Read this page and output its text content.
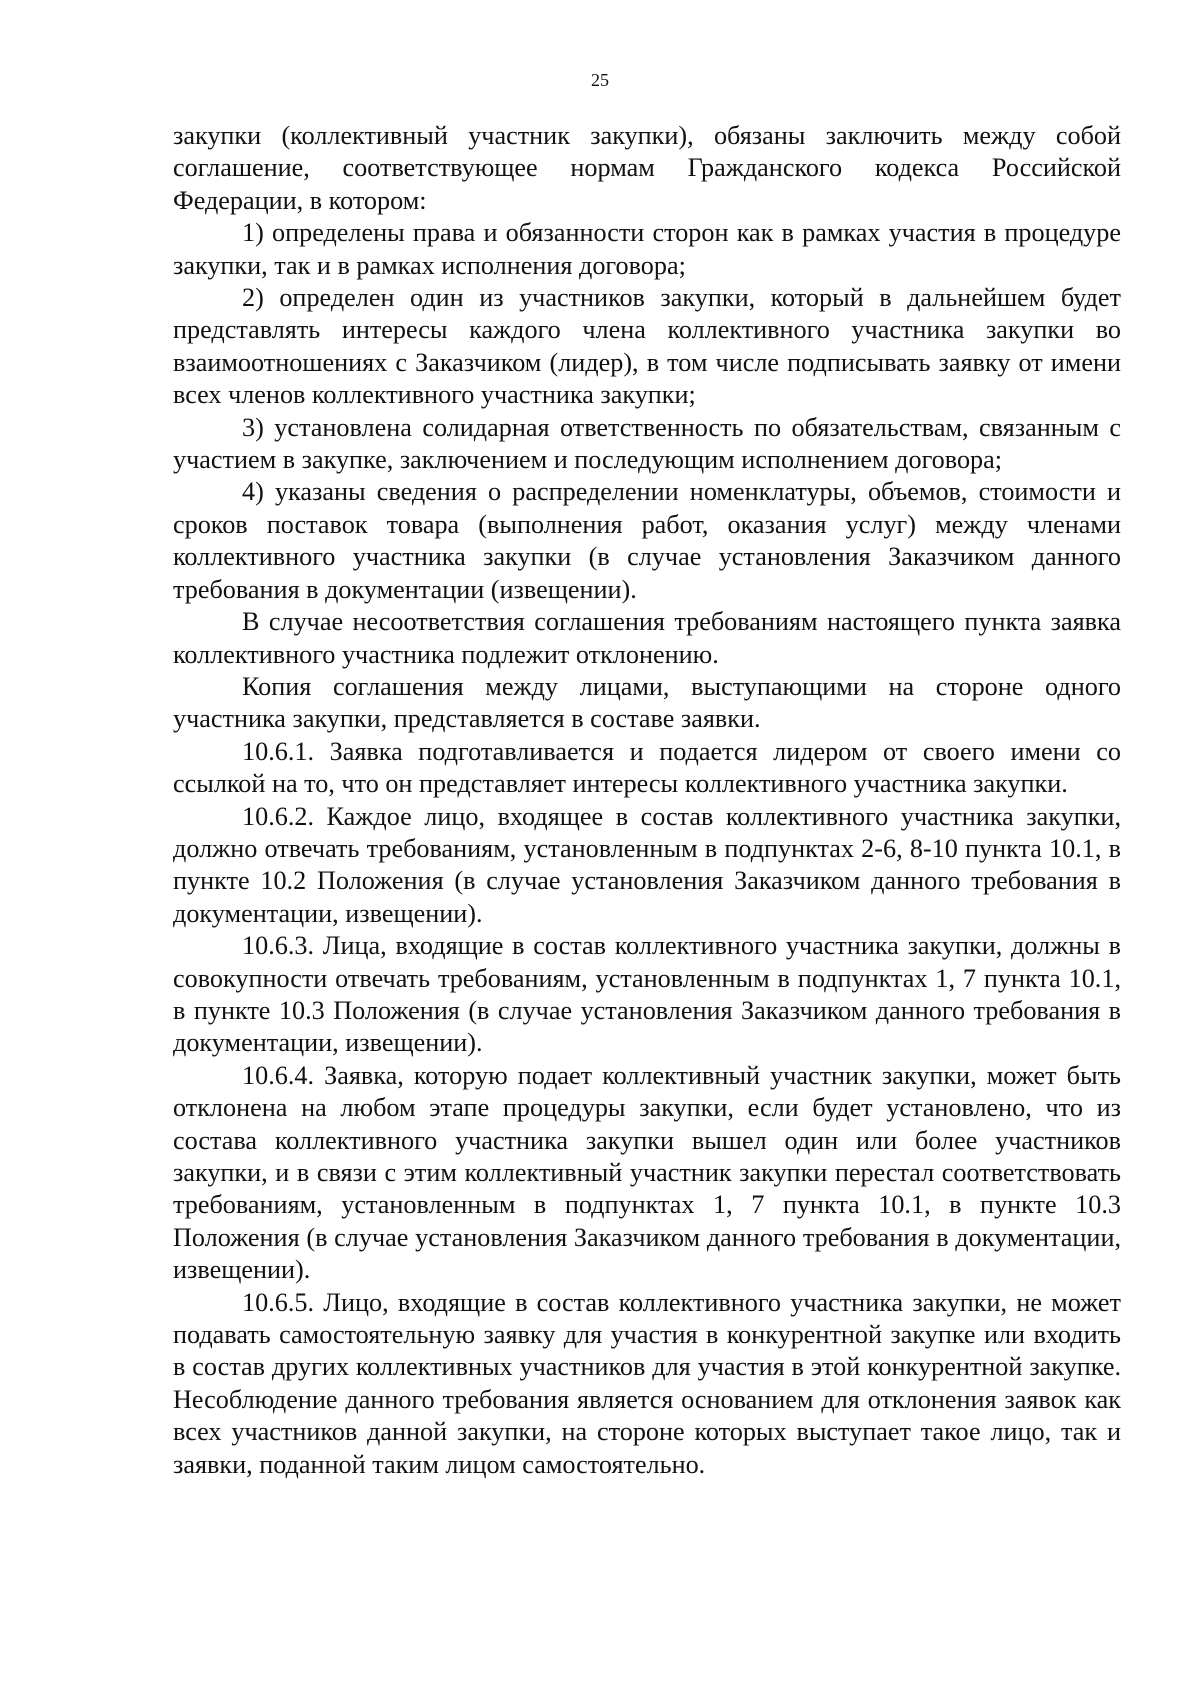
25

закупки (коллективный участник закупки), обязаны заключить между собой соглашение, соответствующее нормам Гражданского кодекса Российской Федерации, в котором:

1) определены права и обязанности сторон как в рамках участия в процедуре закупки, так и в рамках исполнения договора;

2) определен один из участников закупки, который в дальнейшем будет представлять интересы каждого члена коллективного участника закупки во взаимоотношениях с Заказчиком (лидер), в том числе подписывать заявку от имени всех членов коллективного участника закупки;

3) установлена солидарная ответственность по обязательствам, связанным с участием в закупке, заключением и последующим исполнением договора;

4) указаны сведения о распределении номенклатуры, объемов, стоимости и сроков поставок товара (выполнения работ, оказания услуг) между членами коллективного участника закупки (в случае установления Заказчиком данного требования в документации (извещении).

В случае несоответствия соглашения требованиям настоящего пункта заявка коллективного участника подлежит отклонению.

Копия соглашения между лицами, выступающими на стороне одного участника закупки, представляется в составе заявки.

10.6.1. Заявка подготавливается и подается лидером от своего имени со ссылкой на то, что он представляет интересы коллективного участника закупки.

10.6.2. Каждое лицо, входящее в состав коллективного участника закупки, должно отвечать требованиям, установленным в подпунктах 2-6, 8-10 пункта 10.1, в пункте 10.2 Положения (в случае установления Заказчиком данного требования в документации, извещении).

10.6.3. Лица, входящие в состав коллективного участника закупки, должны в совокупности отвечать требованиям, установленным в подпунктах 1, 7 пункта 10.1, в пункте 10.3 Положения (в случае установления Заказчиком данного требования в документации, извещении).

10.6.4. Заявка, которую подает коллективный участник закупки, может быть отклонена на любом этапе процедуры закупки, если будет установлено, что из состава коллективного участника закупки вышел один или более участников закупки, и в связи с этим коллективный участник закупки перестал соответствовать требованиям, установленным в подпунктах 1, 7 пункта 10.1, в пункте 10.3 Положения (в случае установления Заказчиком данного требования в документации, извещении).

10.6.5. Лицо, входящие в состав коллективного участника закупки, не может подавать самостоятельную заявку для участия в конкурентной закупке или входить в состав других коллективных участников для участия в этой конкурентной закупке. Несоблюдение данного требования является основанием для отклонения заявок как всех участников данной закупки, на стороне которых выступает такое лицо, так и заявки, поданной таким лицом самостоятельно.
